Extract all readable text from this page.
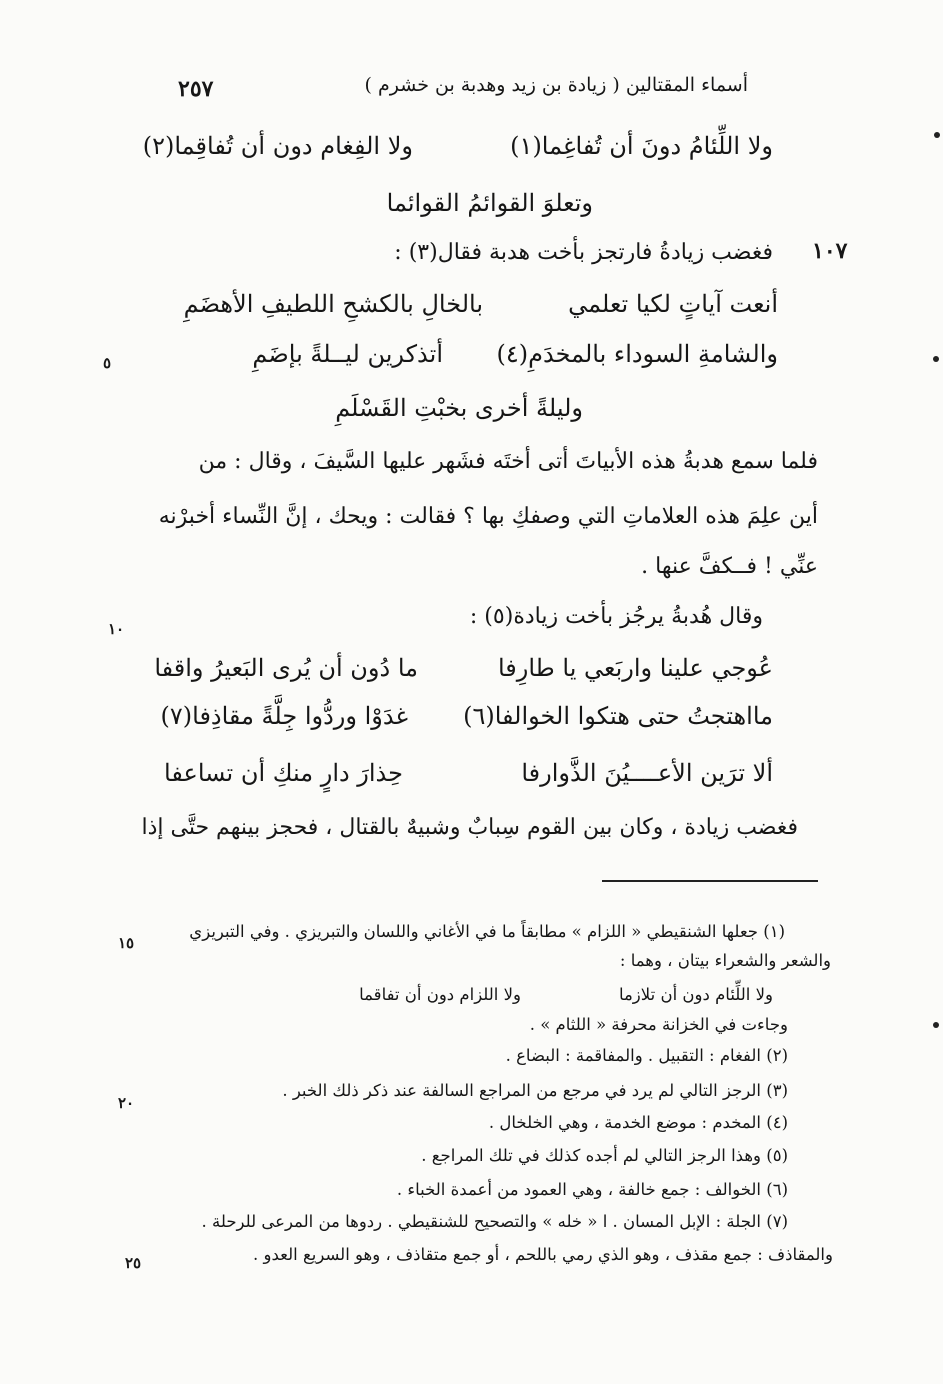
٢٥٧	أسماء المقتالين ( زيادة بن زيد وهدبة بن خشرم )
ولا اللِّئامُ دونَ أن تُفاغِما(١)
ولا الفِغام دون أن تُفاقِما(٢)
وتعلوَ القوائمُ القوائما
١٠٧
فغضب زيادةُ فارتجز بأخت هدبة فقال(٣) :
أنعت آياتٍ لكيا تعلمي
بالخالِ بالكشحِ اللطيفِ الأهضَمِ
والشامةِ السوداء بالمخدَمِ(٤)
أتذكرين ليــلةً بإضَمِ
وليلةً أخرى بخبْتِ القَسْلَمِ
فلما سمع هدبةُ هذه الأبياتَ أتى أختَه فشَهر عليها السَّيفَ ، وقال : من
أين علِمَ هذه العلاماتِ التي وصفكِ بها ؟ فقالت : ويحك ، إنَّ النِّساء أخبرْنه
عنِّي ! فــكفَّ عنها .
وقال هُدبةُ يرجُز بأخت زيادة(٥) :
عُوجي علينا واربَعي يا طارِفا
ما دُون أن يُرى البَعيرُ واقفا
مااهتجتُ حتى هتكوا الخوالفا(٦)
غدَوْا وردُّوا جِلَّةً مقاذِفا(٧)
ألا ترَين الأعــــيُنَ الذَّوارفا
حِذارَ دارٍ منكِ أن تساعفا
فغضب زيادة ، وكان بين القوم سِبابٌ وشبيهٌ بالقتال ، فحجز بينهم حتَّى إذا
(١) جعلها الشنقيطي « اللزام » مطابقاً ما في الأغاني واللسان والتبريزي . وفي التبريزي
والشعر والشعراء بيتان ، وهما :
ولا اللِّئام دون أن تلازما
ولا اللزام دون أن تفاقما
وجاءت في الخزانة محرفة « اللثام » .
(٢) الفغام : التقبيل . والمفاقمة : البضاع .
(٣) الرجز التالي لم يرد في مرجع من المراجع السالفة عند ذكر ذلك الخبر .
(٤) المخدم : موضع الخدمة ، وهي الخلخال .
(٥) وهذا الرجز التالي لم أجده كذلك في تلك المراجع .
(٦) الخوالف : جمع خالفة ، وهي العمود من أعمدة الخباء .
(٧) الجلة : الإبل المسان . ا « خله » والتصحيح للشنقيطي . ردوها من المرعى للرحلة .
والمقاذف : جمع مقذف ، وهو الذي رمي باللحم ، أو جمع متقاذف ، وهو السريع العدو .
٥
١٠
١٥
٢٠
٢٥
